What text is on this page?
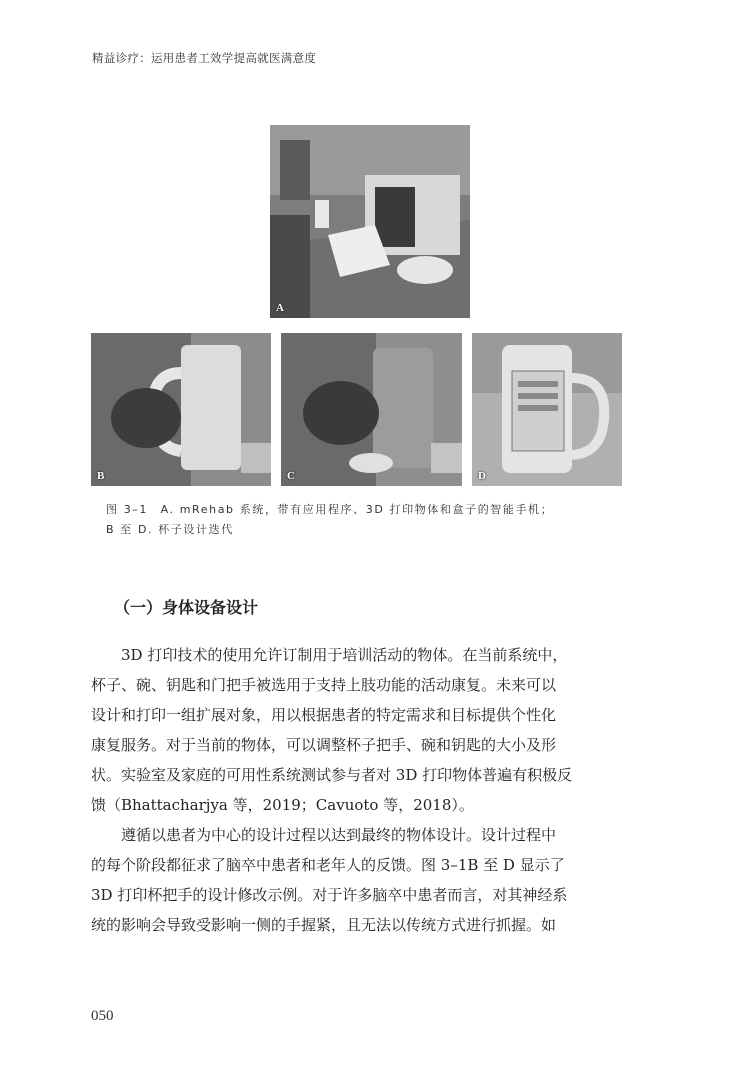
精益诊疗：运用患者工效学提高就医满意度
A
B	C	D

图 3–1　A. mRehab 系统，带有应用程序、3D 打印物体和盒子的智能手机；

B 至 D. 杯子设计迭代

（一）身体设备设计

3D 打印技术的使用允许订制用于培训活动的物体。在当前系统中，
杯子、碗、钥匙和门把手被选用于支持上肢功能的活动康复。未来可以
设计和打印一组扩展对象，用以根据患者的特定需求和目标提供个性化
康复服务。对于当前的物体，可以调整杯子把手、碗和钥匙的大小及形
状。实验室及家庭的可用性系统测试参与者对 3D 打印物体普遍有积极反
馈（Bhattacharjya 等，2019；Cavuoto 等，2018）。

遵循以患者为中心的设计过程以达到最终的物体设计。设计过程中
的每个阶段都征求了脑卒中患者和老年人的反馈。图 3–1B 至 D 显示了
3D 打印杯把手的设计修改示例。对于许多脑卒中患者而言，对其神经系
统的影响会导致受影响一侧的手握紧，且无法以传统方式进行抓握。如

050
